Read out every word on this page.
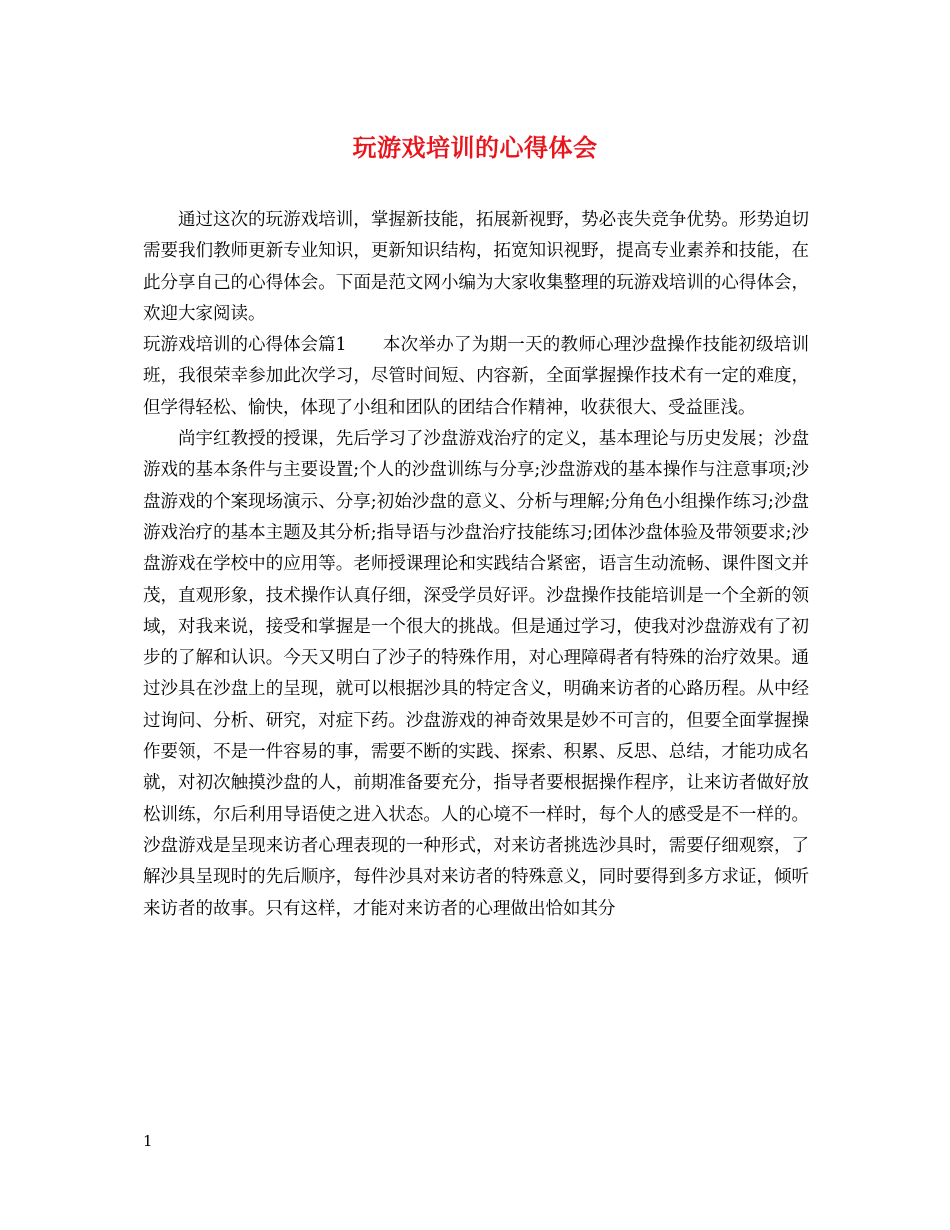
玩游戏培训的心得体会

通过这次的玩游戏培训，掌握新技能，拓展新视野，势必丧失竞争优势。形势迫切需要我们教师更新专业知识，更新知识结构，拓宽知识视野，提高专业素养和技能，在此分享自己的心得体会。下面是范文网小编为大家收集整理的玩游戏培训的心得体会，欢迎大家阅读。

玩游戏培训的心得体会篇1 本次举办了为期一天的教师心理沙盘操作技能初级培训班，我很荣幸参加此次学习，尽管时间短、内容新，全面掌握操作技术有一定的难度，但学得轻松、愉快，体现了小组和团队的团结合作精神，收获很大、受益匪浅。

尚宇红教授的授课，先后学习了沙盘游戏治疗的定义，基本理论与历史发展；沙盘游戏的基本条件与主要设置;个人的沙盘训练与分享;沙盘游戏的基本操作与注意事项;沙盘游戏的个案现场演示、分享;初始沙盘的意义、分析与理解;分角色小组操作练习;沙盘游戏治疗的基本主题及其分析;指导语与沙盘治疗技能练习;团体沙盘体验及带领要求;沙盘游戏在学校中的应用等。老师授课理论和实践结合紧密，语言生动流畅、课件图文并茂，直观形象，技术操作认真仔细，深受学员好评。沙盘操作技能培训是一个全新的领域，对我来说，接受和掌握是一个很大的挑战。但是通过学习，使我对沙盘游戏有了初步的了解和认识。今天又明白了沙子的特殊作用，对心理障碍者有特殊的治疗效果。通过沙具在沙盘上的呈现，就可以根据沙具的特定含义，明确来访者的心路历程。从中经过询问、分析、研究，对症下药。沙盘游戏的神奇效果是妙不可言的，但要全面掌握操作要领，不是一件容易的事，需要不断的实践、探索、积累、反思、总结，才能功成名就，对初次触摸沙盘的人，前期准备要充分，指导者要根据操作程序，让来访者做好放松训练，尔后利用导语使之进入状态。人的心境不一样时，每个人的感受是不一样的。沙盘游戏是呈现来访者心理表现的一种形式，对来访者挑选沙具时，需要仔细观察，了解沙具呈现时的先后顺序，每件沙具对来访者的特殊意义，同时要得到多方求证，倾听来访者的故事。只有这样，才能对来访者的心理做出恰如其分

1
